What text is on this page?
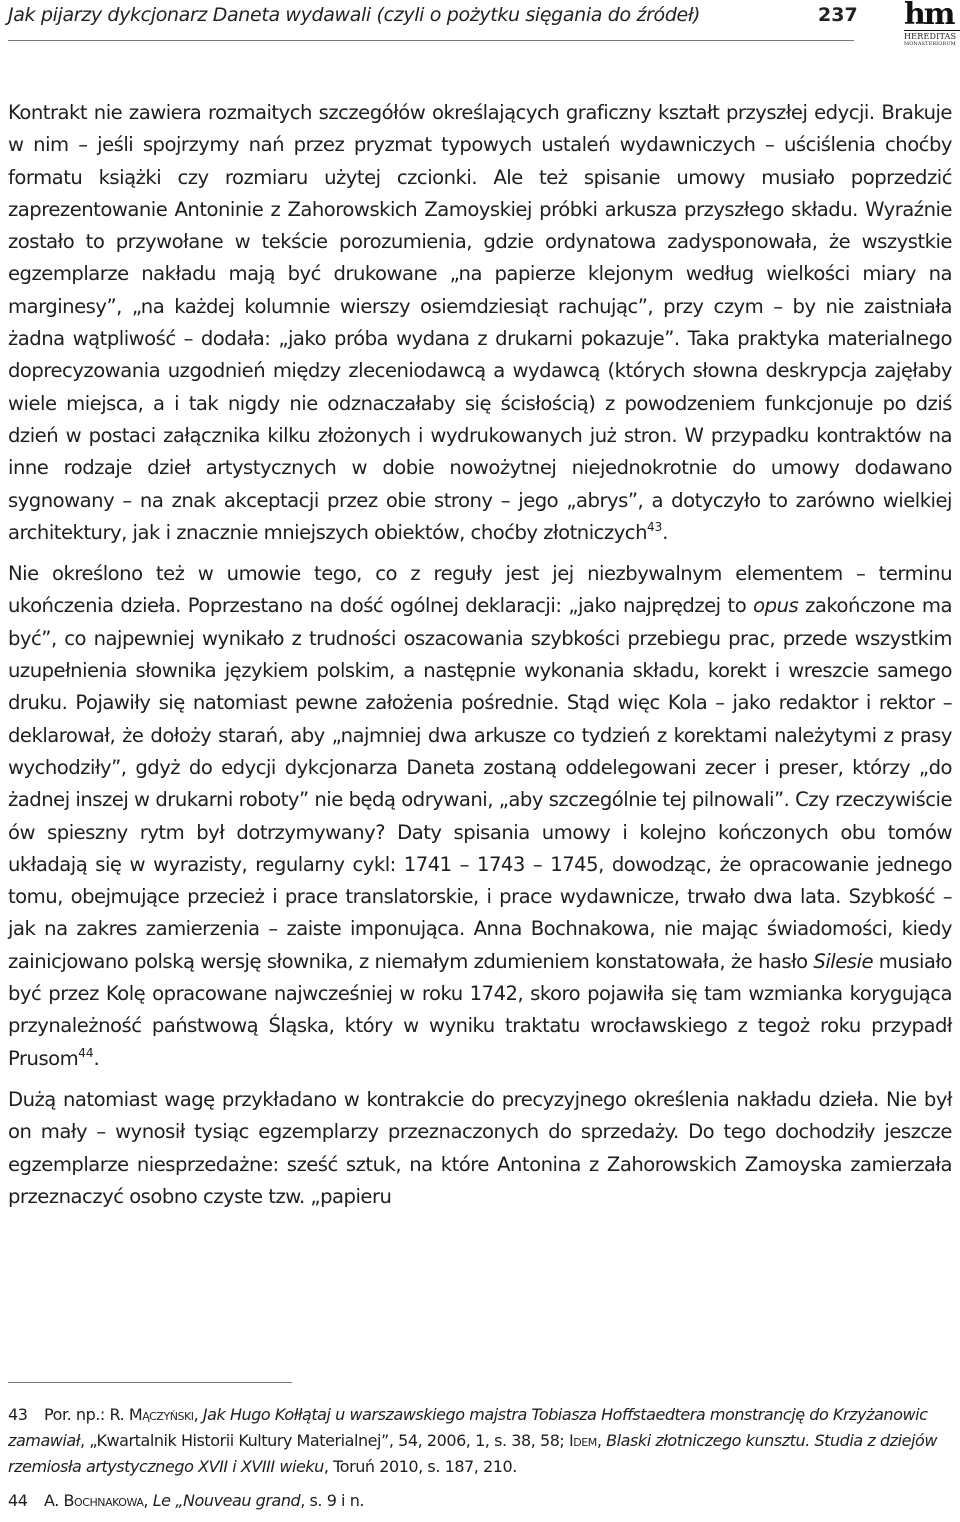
Jak pijarzy dykcjonarz Daneta wydawali (czyli o pożytku sięgania do źródeł)	237 hm
HEREDITAS
MONASTERIORUM

Kontrakt nie zawiera rozmaitych szczegółów określających graficzny kształt przyszłej edycji. Brakuje w nim – jeśli spojrzymy nań przez pryzmat typowych ustaleń wydawniczych – uściślenia choćby formatu książki czy rozmiaru użytej czcionki. Ale też spisanie umowy musiało poprzedzić zaprezentowanie Antoninie z Zahorowskich Zamoyskiej próbki arkusza przyszłego składu. Wyraźnie zostało to przywołane w tekście porozumienia, gdzie ordynatowa zadysponowała, że wszystkie egzemplarze nakładu mają być drukowane „na papierze klejonym według wielkości miary na marginesy”, „na każdej kolumnie wierszy osiemdziesiąt rachując”, przy czym – by nie zaistniała żadna wątpliwość – dodała: „jako próba wydana z drukarni pokazuje”. Taka praktyka materialnego doprecyzowania uzgodnień między zleceniodawcą a wydawcą (których słowna deskrypcja zajęłaby wiele miejsca, a i tak nigdy nie odznaczałaby się ścisłością) z powodzeniem funkcjonuje po dziś dzień w postaci załącznika kilku złożonych i wydrukowanych już stron. W przypadku kontraktów na inne rodzaje dzieł artystycznych w dobie nowożytnej niejednokrotnie do umowy dodawano sygnowany – na znak akceptacji przez obie strony – jego „abrys”, a dotyczyło to zarówno wielkiej architektury, jak i znacznie mniejszych obiektów, choćby złotniczych$^{43}$.

Nie określono też w umowie tego, co z reguły jest jej niezbywalnym elementem – terminu ukończenia dzieła. Poprzestano na dość ogólnej deklaracji: „jako najprędzej to opus zakończone ma być”, co najpewniej wynikało z trudności oszacowania szybkości przebiegu prac, przede wszystkim uzupełnienia słownika językiem polskim, a następnie wykonania składu, korekt i wreszcie samego druku. Pojawiły się natomiast pewne założenia pośrednie. Stąd więc Kola – jako redaktor i rektor – deklarował, że dołoży starań, aby „najmniej dwa arkusze co tydzień z korektami należytymi z prasy wychodziły”, gdyż do edycji dykcjonarza Daneta zostaną oddelegowani zecer i preser, którzy „do żadnej inszej w drukarni roboty” nie będą odrywani, „aby szczególnie tej pilnowali”. Czy rzeczywiście ów spieszny rytm był dotrzymywany? Daty spisania umowy i kolejno kończonych obu tomów układają się w wyrazisty, regularny cykl: 1741 – 1743 – 1745, dowodząc, że opracowanie jednego tomu, obejmujące przecież i prace translatorskie, i prace wydawnicze, trwało dwa lata. Szybkość – jak na zakres zamierzenia – zaiste imponująca. Anna Bochnakowa, nie mając świadomości, kiedy zainicjowano polską wersję słownika, z niemałym zdumieniem konstatowała, że hasło Silesie musiało być przez Kolę opracowane najwcześniej w roku 1742, skoro pojawiła się tam wzmianka korygująca przynależność państwową Śląska, który w wyniku traktatu wrocławskiego z tegoż roku przypadł Prusom$^{44}$.

Dużą natomiast wagę przykładano w kontrakcie do precyzyjnego określenia nakładu dzieła. Nie był on mały – wynosił tysiąc egzemplarzy przeznaczonych do sprzedaży. Do tego dochodziły jeszcze egzemplarze niesprzedażne: sześć sztuk, na które Antonina z Zahorowskich Zamoyska zamierzała przeznaczyć osobno czyste tzw. „papieru

43 Por. np.: R. Mączyński, Jak Hugo Kołłątaj u warszawskiego majstra Tobiasza Hoffstaedtera monstrancję do Krzyżanowic zamawiał, „Kwartalnik Historii Kultury Materialnej”, 54, 2006, 1, s. 38, 58; Idem, Blaski złotniczego kunsztu. Studia z dziejów rzemiosła artystycznego XVII i XVIII wieku, Toruń 2010, s. 187, 210.
44 A. Bochnakowa, Le „Nouveau grand, s. 9 i n.
